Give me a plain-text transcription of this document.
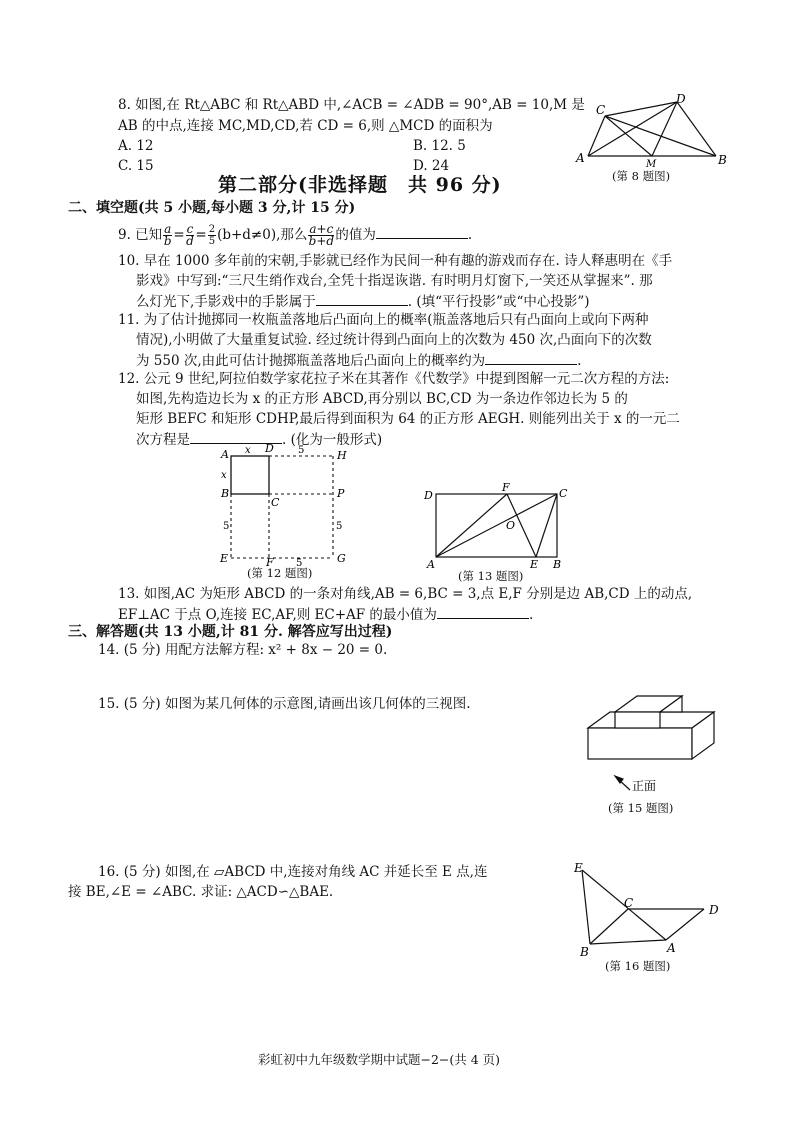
8. 如图,在 Rt△ABC 和 Rt△ABD 中,∠ACB = ∠ADB = 90°,AB = 10,M 是
AB 的中点,连接 MC,MD,CD,若 CD = 6,则 △MCD 的面积为
A. 12	B. 12. 5
C. 15	D. 24
C
D
A	B
M
(第 8 题图)
第二部分(非选择题　共 96 分)
二、填空题(共 5 小题,每小题 3 分,计 15 分)
9. 已知 $\frac{a}{b} = \frac{c}{d} = \frac{2}{5} (b+d\ne 0)$,那么 $\frac{a+c}{b+d}$ 的值为	.
10. 早在 1000 多年前的宋朝,手影就已经作为民间一种有趣的游戏而存在. 诗人释惠明在《手
影戏》中写到:“三尺生绡作戏台,全凭十指逞诙谐. 有时明月灯窗下,一笑还从掌握来”. 那
么灯光下,手影戏中的手影属于	. (填“平行投影”或“中心投影”)
11. 为了估计抛掷同一枚瓶盖落地后凸面向上的概率(瓶盖落地后只有凸面向上或向下两种
情况),小明做了大量重复试验. 经过统计得到凸面向上的次数为 450 次,凸面向下的次数
为 550 次,由此可估计抛掷瓶盖落地后凸面向上的概率约为	.
12. 公元 9 世纪,阿拉伯数学家花拉子米在其著作《代数学》中提到图解一元二次方程的方法:
如图,先构造边长为 x 的正方形 ABCD,再分别以 BC,CD 为一条边作邻边长为 5 的
矩形 BEFC 和矩形 CDHP,最后得到面积为 64 的正方形 AEGH. 则能列出关于 x 的一元二
次方程是	. (化为一般形式)
A	D
H
B
C
P
E	F	G
x
x
5
5	5
5
(第 12 题图)
D
F	C
O
A	E B
(第 13 题图)
13. 如图,AC 为矩形 ABCD 的一条对角线,AB = 6,BC = 3,点 E,F 分别是边 AB,CD 上的动点,
EF⊥AC 于点 O,连接 EC,AF,则 EC+AF 的最小值为	.
三、解答题(共 13 小题,计 81 分. 解答应写出过程)
14. (5 分) 用配方法解方程: x² + 8x − 20 = 0.
15. (5 分) 如图为某几何体的示意图,请画出该几何体的三视图.
正面
(第 15 题图)
16. (5 分) 如图,在 ▱ABCD 中,连接对角线 AC 并延长至 E 点,连
接 BE,∠E = ∠ABC. 求证: △ACD∽△BAE.
E
C	D
B	A
(第 16 题图)
彩虹初中九年级数学期中试题−2−(共 4 页)
